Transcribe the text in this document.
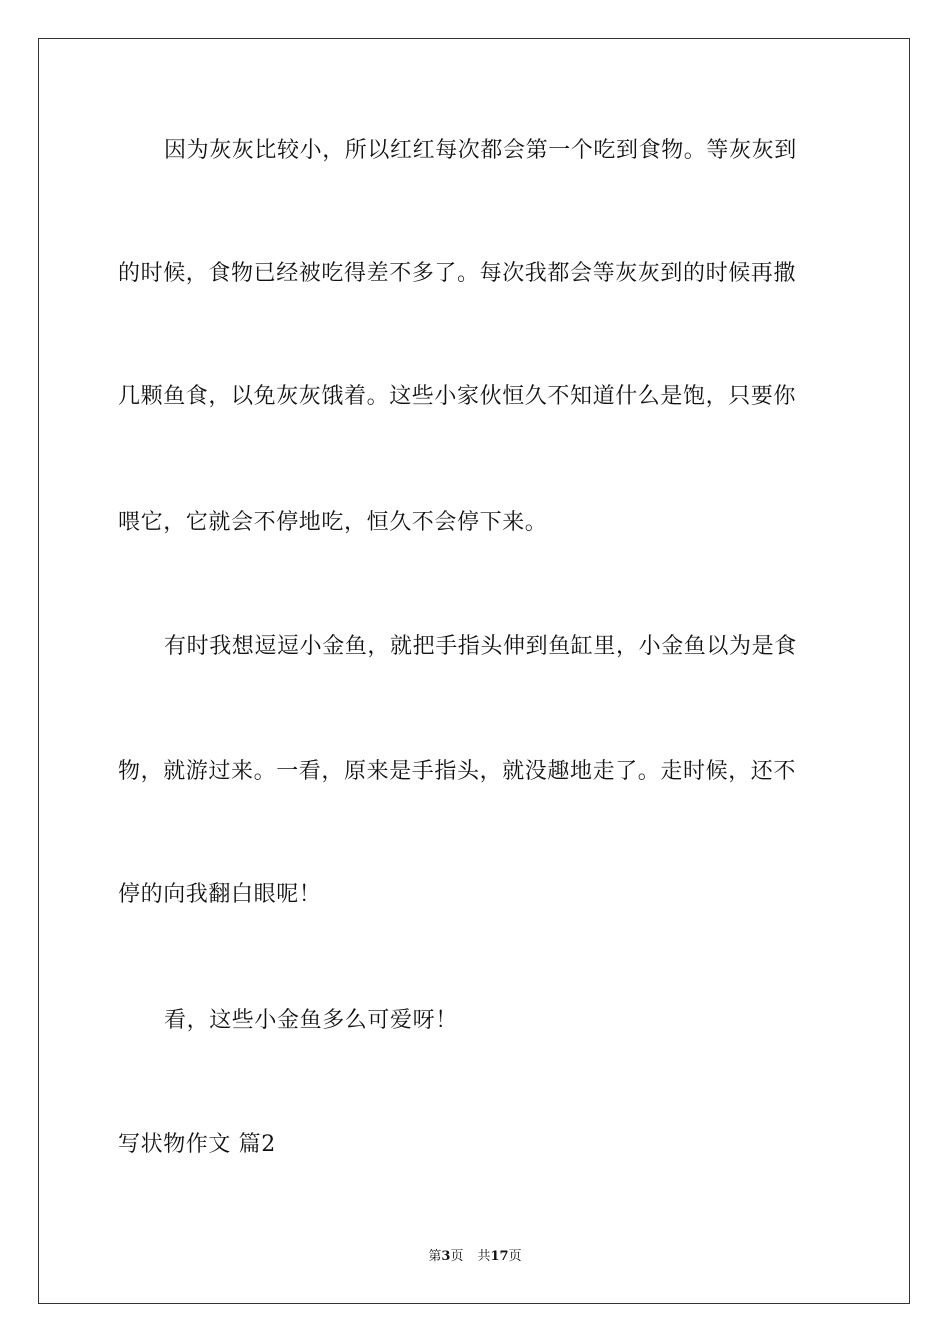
因为灰灰比较小，所以红红每次都会第一个吃到食物。等灰灰到
的时候，食物已经被吃得差不多了。每次我都会等灰灰到的时候再撒
几颗鱼食，以免灰灰饿着。这些小家伙恒久不知道什么是饱，只要你
喂它，它就会不停地吃，恒久不会停下来。
有时我想逗逗小金鱼，就把手指头伸到鱼缸里，小金鱼以为是食
物，就游过来。一看，原来是手指头，就没趣地走了。走时候，还不
停的向我翻白眼呢！
看，这些小金鱼多么可爱呀！
写状物作文 篇2
第3页 共17页
